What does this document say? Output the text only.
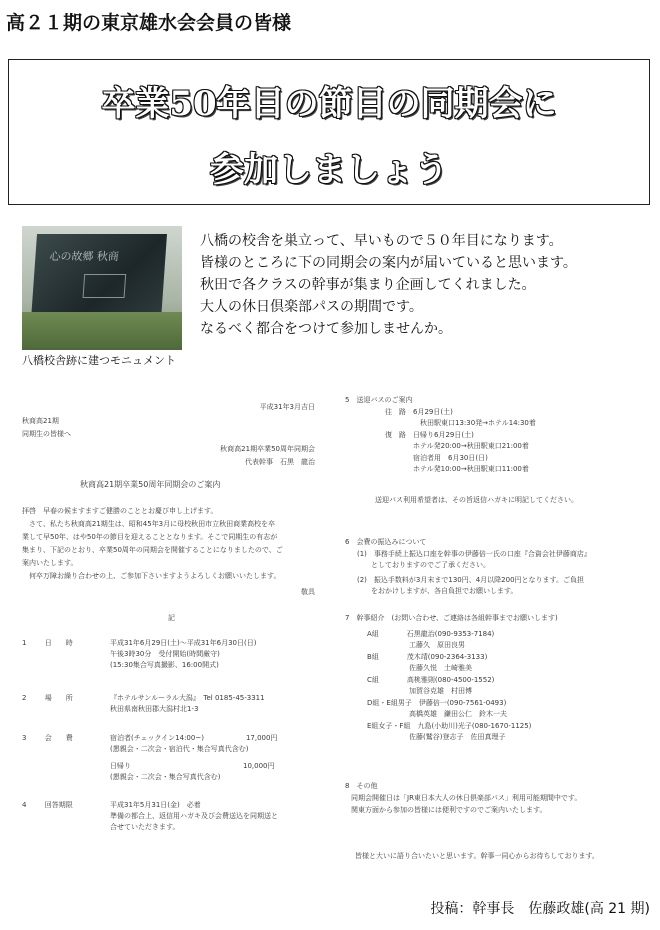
高２１期の東京雄水会会員の皆様
卒業50年目の節目の同期会に
参加しましょう
心の故郷 秋商
八橋校舎跡に建つモニュメント
八橋の校舎を巣立って、早いもので５０年目になります。
皆様のところに下の同期会の案内が届いていると思います。
秋田で各クラスの幹事が集まり企画してくれました。
大人の休日倶楽部パスの期間です。
なるべく都合をつけて参加しませんか。
平成31年3月吉日
秋商高21期
同期生の皆様へ
秋商高21期卒業50周年同期会
代表幹事　石黒　龍治
秋商高21期卒業50周年同期会のご案内
拝啓　早春の候ますますご健勝のこととお慶び申し上げます。
　さて、私たち秋商高21期生は、昭和45年3月に母校秋田市立秋田商業高校を卒
業して早50年、はや50年の節目を迎えることとなります。そこで同期生の有志が
集まり、下記のとおり、卒業50周年の同期会を開催することになりましたので、ご
案内いたします。
　何卒万障お繰り合わせの上、ご参加下さいますようよろしくお願いいたします。
敬具
記
1	日　　時	平成31年6月29日(土)～平成31年6月30日(日)
午後3時30分　受付開始(時間厳守)
(15:30集合写真撮影、16:00開式)
2	場　　所	『ホテルサンルーラル大潟』　Tel 0185-45-3311
秋田県南秋田郡大潟村北1-3
3	会　　費	宿泊者(チェックイン14:00~)　　　　　　17,000円
(懇親会・二次会・宿泊代・集合写真代含む)
日帰り　　　　　　　　　　　　　　　　10,000円
(懇親会・二次会・集合写真代含む)
4	回答期限	平成31年5月31日(金)　必着
準備の都合上、返信用ハガキ及び会費送込を同期送と
合せていただきます。
5　 送迎バスのご案内
往　路　6月29日(土)
　　　　　秋田駅東口13:30発→ホテル14:30着
復　路　日帰り6月29日(土)
　　　　ホテル発20:00→秋田駅東口21:00着
　　　　宿泊者用　6月30日(日)
　　　　ホテル発10:00→秋田駅東口11:00着

送迎バス利用希望者は、その旨返信ハガキに明記してください。
6　 会費の振込みについて
(1)　事務手続上振込口座を幹事の伊藤倍一氏の口座『合資会社伊藤商店』
　　としておりますのでご了承ください。
(2)　振込手数料が3月末まで130円、4月以降200円となります。ご負担
　　をおかけしますが、各自負担でお願いします。
7　 幹事紹介　(お問い合わせ、ご連絡は各組幹事までお願いします)
A組　　　　石黒龍治(090-9353-7184)
　　　　　　工藤久　原田良男
B組　　　　茂木靖(090-2364-3133)
　　　　　　佐藤久悦　土崎雅美
C組　　　　高桃雅則(080-4500-1552)
　　　　　　加賀谷克雄　村田博
D組・E組男子　伊藤倍一(090-7561-0493)
　　　　　　高橋英雄　鎌田公仁　鈴木一夫
E組女子・F組　九島(小助川)光子(080-1670-1125)
　　　　　　佐藤(鷲谷)登志子　佐田真理子
8　 その他
同期会開催日は「JR東日本大人の休日倶楽部パス」利用可能期間中です。
関東方面から参加の皆様には便利ですのでご案内いたします。
皆様と大いに語り合いたいと思います。幹事一同心からお待ちしております。
投稿：幹事長　佐藤政雄(高 21 期)
